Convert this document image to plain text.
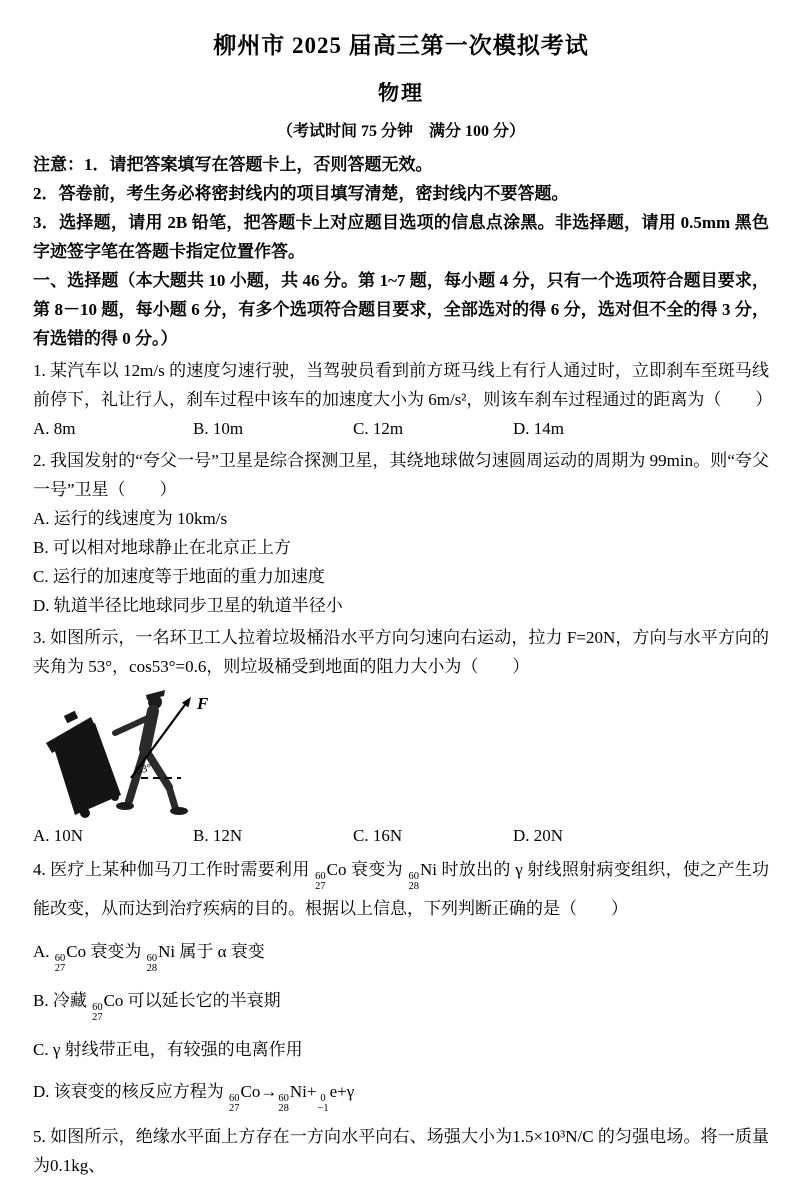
柳州市 2025 届高三第一次模拟考试
物理

（考试时间 75 分钟　满分 100 分）

注意：1．请把答案填写在答题卡上，否则答题无效。

2．答卷前，考生务必将密封线内的项目填写清楚，密封线内不要答题。

3．选择题，请用 2B 铅笔，把答题卡上对应题目选项的信息点涂黑。非选择题，请用 0.5mm 黑色字迹签字笔在答题卡指定位置作答。

一、选择题（本大题共 10 小题，共 46 分。第 1~7 题，每小题 4 分，只有一个选项符合题目要求，第 8－10 题，每小题 6 分，有多个选项符合题目要求，全部选对的得 6 分，选对但不全的得 3 分，有选错的得 0 分。）

1. 某汽车以 12m/s 的速度匀速行驶，当驾驶员看到前方斑马线上有行人通过时，立即刹车至斑马线前停下，礼让行人，刹车过程中该车的加速度大小为 6m/s²，则该车刹车过程通过的距离为（　　）

A. 8m	B. 10m	C. 12m	D. 14m

2. 我国发射的“夸父一号”卫星是综合探测卫星，其绕地球做匀速圆周运动的周期为 99min。则“夸父一号”卫星（　　）

A. 运行的线速度为 10km/s

B. 可以相对地球静止在北京正上方

C. 运行的加速度等于地面的重力加速度

D. 轨道半径比地球同步卫星的轨道半径小

3. 如图所示，一名环卫工人拉着垃圾桶沿水平方向匀速向右运动，拉力 F=20N，方向与水平方向的夹角为 53°，cos53°=0.6，则垃圾桶受到地面的阻力大小为（　　）

F
53°
A. 10N	B. 12N	C. 16N	D. 20N

4. 医疗上某种伽马刀工作时需要利用 60
27
Co 衰变为 60
28
Ni 时放出的 γ 射线照射病变组织，使之产生功能改变，从而达到治疗疾病的目的。根据以上信息，下列判断正确的是（　　）

A. 60
27
Co 衰变为 60
28
Ni 属于 α 衰变

B. 冷藏 60
27
Co 可以延长它的半衰期

C. γ 射线带正电，有较强的电离作用

D. 该衰变的核反应方程为 60
27
Co→ 60
28
Ni+ 0
−1
e+γ

5. 如图所示，绝缘水平面上方存在一方向水平向右、场强大小为1.5×10³N/C 的匀强电场。将一质量为0.1kg、
